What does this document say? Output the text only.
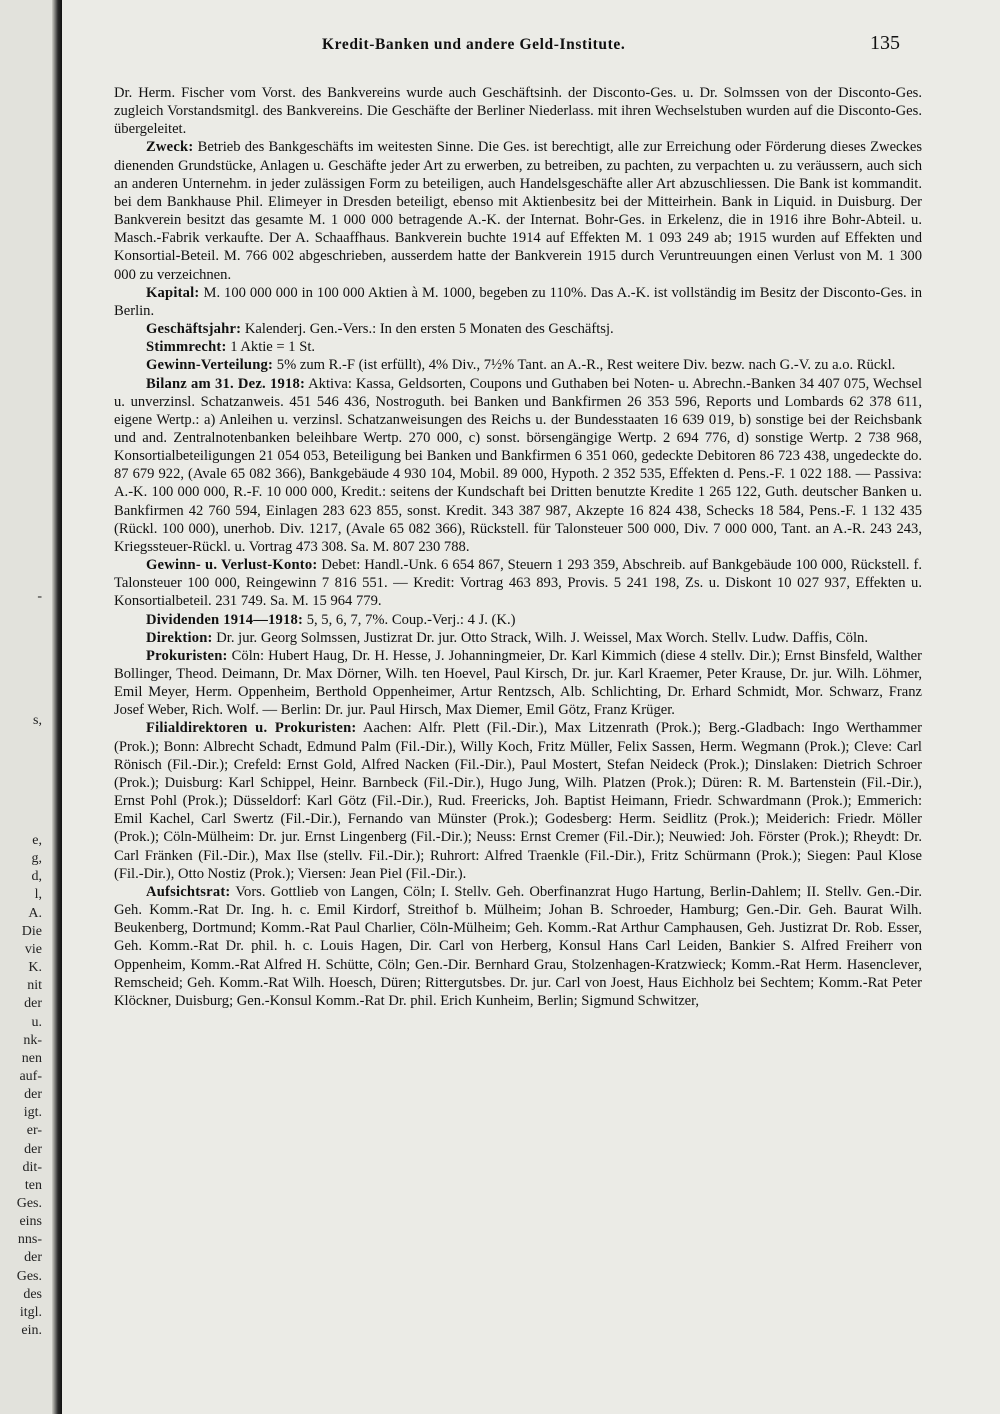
-
s,
e,
g,
d,
l,
A.
Die
vie
K.
nit
der
u.
nk-
nen
auf-
der
igt.
er-
der
dit-
ten
Ges.
eins
nns-
der
Ges.
des
itgl.
ein.
Kredit-Banken und andere Geld-Institute.	135

Dr. Herm. Fischer vom Vorst. des Bankvereins wurde auch Geschäftsinh. der Disconto-Ges. u. Dr. Solmssen von der Disconto-Ges. zugleich Vorstandsmitgl. des Bankvereins. Die Geschäfte der Berliner Niederlass. mit ihren Wechselstuben wurden auf die Disconto-Ges. übergeleitet.

Zweck: Betrieb des Bankgeschäfts im weitesten Sinne. Die Ges. ist berechtigt, alle zur Erreichung oder Förderung dieses Zweckes dienenden Grundstücke, Anlagen u. Geschäfte jeder Art zu erwerben, zu betreiben, zu pachten, zu verpachten u. zu veräussern, auch sich an anderen Unternehm. in jeder zulässigen Form zu beteiligen, auch Handelsgeschäfte aller Art abzuschliessen. Die Bank ist kommandit. bei dem Bankhause Phil. Elimeyer in Dresden beteiligt, ebenso mit Aktienbesitz bei der Mitteirhein. Bank in Liquid. in Duisburg. Der Bankverein besitzt das gesamte M. 1 000 000 betragende A.-K. der Internat. Bohr-Ges. in Erkelenz, die in 1916 ihre Bohr-Abteil. u. Masch.-Fabrik verkaufte. Der A. Schaaffhaus. Bankverein buchte 1914 auf Effekten M. 1 093 249 ab; 1915 wurden auf Effekten und Konsortial-Beteil. M. 766 002 abgeschrieben, ausserdem hatte der Bankverein 1915 durch Veruntreuungen einen Verlust von M. 1 300 000 zu verzeichnen.

Kapital: M. 100 000 000 in 100 000 Aktien à M. 1000, begeben zu 110%. Das A.-K. ist vollständig im Besitz der Disconto-Ges. in Berlin.

Geschäftsjahr: Kalenderj. Gen.-Vers.: In den ersten 5 Monaten des Geschäftsj.

Stimmrecht: 1 Aktie = 1 St.

Gewinn-Verteilung: 5% zum R.-F (ist erfüllt), 4% Div., 7½% Tant. an A.-R., Rest weitere Div. bezw. nach G.-V. zu a.o. Rückl.

Bilanz am 31. Dez. 1918: Aktiva: Kassa, Geldsorten, Coupons und Guthaben bei Noten- u. Abrechn.-Banken 34 407 075, Wechsel u. unverzinsl. Schatzanweis. 451 546 436, Nostroguth. bei Banken und Bankfirmen 26 353 596, Reports und Lombards 62 378 611, eigene Wertp.: a) Anleihen u. verzinsl. Schatzanweisungen des Reichs u. der Bundesstaaten 16 639 019, b) sonstige bei der Reichsbank und and. Zentralnotenbanken beleihbare Wertp. 270 000, c) sonst. börsengängige Wertp. 2 694 776, d) sonstige Wertp. 2 738 968, Konsortialbeteiligungen 21 054 053, Beteiligung bei Banken und Bankfirmen 6 351 060, gedeckte Debitoren 86 723 438, ungedeckte do. 87 679 922, (Avale 65 082 366), Bankgebäude 4 930 104, Mobil. 89 000, Hypoth. 2 352 535, Effekten d. Pens.-F. 1 022 188. — Passiva: A.-K. 100 000 000, R.-F. 10 000 000, Kredit.: seitens der Kundschaft bei Dritten benutzte Kredite 1 265 122, Guth. deutscher Banken u. Bankfirmen 42 760 594, Einlagen 283 623 855, sonst. Kredit. 343 387 987, Akzepte 16 824 438, Schecks 18 584, Pens.-F. 1 132 435 (Rückl. 100 000), unerhob. Div. 1217, (Avale 65 082 366), Rückstell. für Talonsteuer 500 000, Div. 7 000 000, Tant. an A.-R. 243 243, Kriegssteuer-Rückl. u. Vortrag 473 308. Sa. M. 807 230 788.

Gewinn- u. Verlust-Konto: Debet: Handl.-Unk. 6 654 867, Steuern 1 293 359, Abschreib. auf Bankgebäude 100 000, Rückstell. f. Talonsteuer 100 000, Reingewinn 7 816 551. — Kredit: Vortrag 463 893, Provis. 5 241 198, Zs. u. Diskont 10 027 937, Effekten u. Konsortialbeteil. 231 749. Sa. M. 15 964 779.

Dividenden 1914—1918: 5, 5, 6, 7, 7%. Coup.-Verj.: 4 J. (K.)

Direktion: Dr. jur. Georg Solmssen, Justizrat Dr. jur. Otto Strack, Wilh. J. Weissel, Max Worch. Stellv. Ludw. Daffis, Cöln.

Prokuristen: Cöln: Hubert Haug, Dr. H. Hesse, J. Johanningmeier, Dr. Karl Kimmich (diese 4 stellv. Dir.); Ernst Binsfeld, Walther Bollinger, Theod. Deimann, Dr. Max Dörner, Wilh. ten Hoevel, Paul Kirsch, Dr. jur. Karl Kraemer, Peter Krause, Dr. jur. Wilh. Löhmer, Emil Meyer, Herm. Oppenheim, Berthold Oppenheimer, Artur Rentzsch, Alb. Schlichting, Dr. Erhard Schmidt, Mor. Schwarz, Franz Josef Weber, Rich. Wolf. — Berlin: Dr. jur. Paul Hirsch, Max Diemer, Emil Götz, Franz Krüger.

Filialdirektoren u. Prokuristen: Aachen: Alfr. Plett (Fil.-Dir.), Max Litzenrath (Prok.); Berg.-Gladbach: Ingo Werthammer (Prok.); Bonn: Albrecht Schadt, Edmund Palm (Fil.-Dir.), Willy Koch, Fritz Müller, Felix Sassen, Herm. Wegmann (Prok.); Cleve: Carl Rönisch (Fil.-Dir.); Crefeld: Ernst Gold, Alfred Nacken (Fil.-Dir.), Paul Mostert, Stefan Neideck (Prok.); Dinslaken: Dietrich Schroer (Prok.); Duisburg: Karl Schippel, Heinr. Barnbeck (Fil.-Dir.), Hugo Jung, Wilh. Platzen (Prok.); Düren: R. M. Bartenstein (Fil.-Dir.), Ernst Pohl (Prok.); Düsseldorf: Karl Götz (Fil.-Dir.), Rud. Freericks, Joh. Baptist Heimann, Friedr. Schwardmann (Prok.); Emmerich: Emil Kachel, Carl Swertz (Fil.-Dir.), Fernando van Münster (Prok.); Godesberg: Herm. Seidlitz (Prok.); Meiderich: Friedr. Möller (Prok.); Cöln-Mülheim: Dr. jur. Ernst Lingenberg (Fil.-Dir.); Neuss: Ernst Cremer (Fil.-Dir.); Neuwied: Joh. Förster (Prok.); Rheydt: Dr. Carl Fränken (Fil.-Dir.), Max Ilse (stellv. Fil.-Dir.); Ruhrort: Alfred Traenkle (Fil.-Dir.), Fritz Schürmann (Prok.); Siegen: Paul Klose (Fil.-Dir.), Otto Nostiz (Prok.); Viersen: Jean Piel (Fil.-Dir.).

Aufsichtsrat: Vors. Gottlieb von Langen, Cöln; I. Stellv. Geh. Oberfinanzrat Hugo Hartung, Berlin-Dahlem; II. Stellv. Gen.-Dir. Geh. Komm.-Rat Dr. Ing. h. c. Emil Kirdorf, Streithof b. Mülheim; Johan B. Schroeder, Hamburg; Gen.-Dir. Geh. Baurat Wilh. Beukenberg, Dortmund; Komm.-Rat Paul Charlier, Cöln-Mülheim; Geh. Komm.-Rat Arthur Camphausen, Geh. Justizrat Dr. Rob. Esser, Geh. Komm.-Rat Dr. phil. h. c. Louis Hagen, Dir. Carl von Herberg, Konsul Hans Carl Leiden, Bankier S. Alfred Freiherr von Oppenheim, Komm.-Rat Alfred H. Schütte, Cöln; Gen.-Dir. Bernhard Grau, Stolzenhagen-Kratzwieck; Komm.-Rat Herm. Hasenclever, Remscheid; Geh. Komm.-Rat Wilh. Hoesch, Düren; Rittergutsbes. Dr. jur. Carl von Joest, Haus Eichholz bei Sechtem; Komm.-Rat Peter Klöckner, Duisburg; Gen.-Konsul Komm.-Rat Dr. phil. Erich Kunheim, Berlin; Sigmund Schwitzer,
